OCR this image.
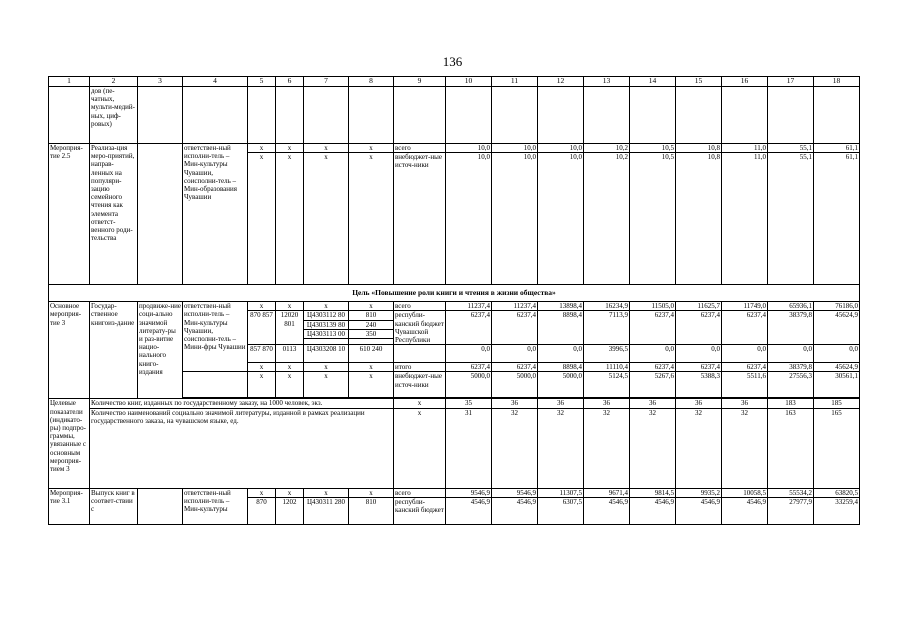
136
1	2	3	4	5	6	7	8	9	10	11	12	13	14	15	16	17	18
	дов (пе-чатных, мульти-медий-ных, циф-ровых)																
Мероприя-тие 2.5	Реализа-ция меро-приятий, направ-ленных на популяри-зацию семейного чтения как элемента ответст-венного роди-тельства		ответствен-ный исполни-тель – Мин-культуры Чувашии, соисполни-тель – Мин-образования Чувашии	x	x	x	x	всего	10,0	10,0	10,0	10,2	10,5	10,8	11,0	55,1	61,1
				x	x	x	x	внебюджет-ные источ-ники	10,0	10,0	10,0	10,2	10,5	10,8	11,0	55,1	61,1
Цель «Повышение роли книги и чтения в жизни общества»																	
Основное мероприя-тие 3	Государ-ственное книгоиз-дание	продвиже-ние соци-ально значимой литерату-ры и раз-витие нацио-нального книго-издания	ответствен-ный исполни-тель – Мин-культуры Чувашии, соисполни-тель – Мини-фры Чувашии	x	x	x	x	всего	11237,4	11237,4	13898,4	16234,9	11505,0	11625,7	11749,0	65936,1	76186,0
				870 857	12020 801	Ц4303112 80	810	республи-канский бюджет Чувашской Республики	6237,4	6237,4	8898,4	7113,9	6237,4	6237,4	6237,4	38379,8	45624,9
						Ц4303139 80	240										
						Ц4303113 00	350										

				857 870	0113	Ц4303208 10	610 240		0,0	0,0	0,0	3996,5	0,0	0,0	0,0	0,0	0,0
				x	x	x	x	итого	6237,4	6237,4	8898,4	11110,4	6237,4	6237,4	6237,4	38379,8	45624,9
				x	x	x	x	внебюджет-ные источ-ники	5000,0	5000,0	5000,0	5124,5	5267,6	5388,3	5511,6	27556,3	30561,1

Целевые показатели (индикато-ры) подпро-граммы, увязанные с основным мероприя-тием 3	Количество книг, изданных по государственному заказу, на 1000 человек, экз.							x	35	36	36	36	36	36	36	183	185
	Количество наименований социально значимой литературы, изданной в рамках реализации государственного заказа, на чувашском языке, ед.							x	31	32	32	32	32	32	32	163	165
Мероприя-тие 3.1	Выпуск книг в соответ-ствии с		ответствен-ный исполни-тель – Мин-культуры	x	x	x	x	всего	9546,9	9546,9	11307,5	9671,4	9814,5	9935,2	10058,5	55534,2	63820,5
				870	1202	Ц430311 280	810	республи-канский бюджет	4546,9	4546,9	6307,5	4546,9	4546,9	4546,9	4546,9	27977,9	33259,4
